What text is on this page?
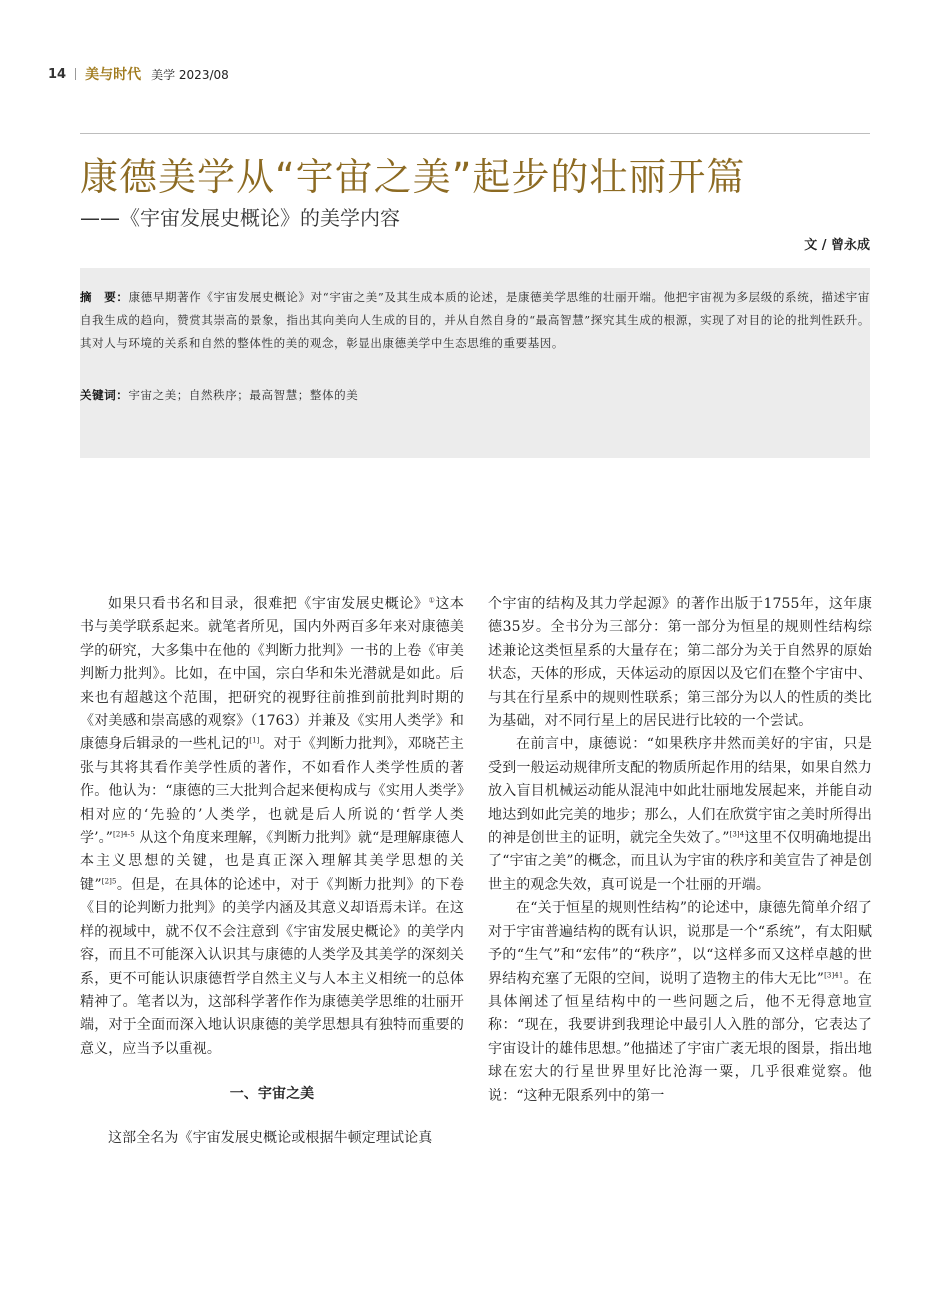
14 美与时代 美学 2023/08
康德美学从“宇宙之美”起步的壮丽开篇
——《宇宙发展史概论》的美学内容
文 / 曾永成
摘　要：康德早期著作《宇宙发展史概论》对“宇宙之美”及其生成本质的论述，是康德美学思维的壮丽开端。他把宇宙视为多层级的系统，描述宇宙自我生成的趋向，赞赏其崇高的景象，指出其向美向人生成的目的，并从自然自身的“最高智慧”探究其生成的根源，实现了对目的论的批判性跃升。其对人与环境的关系和自然的整体性的美的观念，彰显出康德美学中生态思维的重要基因。
关键词：宇宙之美；自然秩序；最高智慧；整体的美

如果只看书名和目录，很难把《宇宙发展史概论》①这本书与美学联系起来。就笔者所见，国内外两百多年来对康德美学的研究，大多集中在他的《判断力批判》一书的上卷《审美判断力批判》。比如，在中国，宗白华和朱光潜就是如此。后来也有超越这个范围，把研究的视野往前推到前批判时期的《对美感和崇高感的观察》（1763）并兼及《实用人类学》和康德身后辑录的一些札记的[1]。对于《判断力批判》，邓晓芒主张与其将其看作美学性质的著作，不如看作人类学性质的著作。他认为：“康德的三大批判合起来便构成与《实用人类学》相对应的‘先验的’人类学，也就是后人所说的‘哲学人类学’。”$^{[2]4-5}$ 从这个角度来理解，《判断力批判》就“是理解康德人本主义思想的关键，也是真正深入理解其美学思想的关键”$^{[2]5}$。但是，在具体的论述中，对于《判断力批判》的下卷《目的论判断力批判》的美学内涵及其意义却语焉未详。在这样的视域中，就不仅不会注意到《宇宙发展史概论》的美学内容，而且不可能深入认识其与康德的人类学及其美学的深刻关系，更不可能认识康德哲学自然主义与人本主义相统一的总体精神了。笔者以为，这部科学著作作为康德美学思维的壮丽开端，对于全面而深入地认识康德的美学思想具有独特而重要的意义，应当予以重视。

一、宇宙之美

这部全名为《宇宙发展史概论或根据牛顿定理试论真

个宇宙的结构及其力学起源》的著作出版于1755年，这年康德35岁。全书分为三部分：第一部分为恒星的规则性结构综述兼论这类恒星系的大量存在；第二部分为关于自然界的原始状态，天体的形成，天体运动的原因以及它们在整个宇宙中、与其在行星系中的规则性联系；第三部分为以人的性质的类比为基础，对不同行星上的居民进行比较的一个尝试。

在前言中，康德说：“如果秩序井然而美好的宇宙，只是受到一般运动规律所支配的物质所起作用的结果，如果自然力放入盲目机械运动能从混沌中如此壮丽地发展起来，并能自动地达到如此完美的地步；那么，人们在欣赏宇宙之美时所得出的神是创世主的证明，就完全失效了。”$^{[3]4}$这里不仅明确地提出了“宇宙之美”的概念，而且认为宇宙的秩序和美宣告了神是创世主的观念失效，真可说是一个壮丽的开端。

在“关于恒星的规则性结构”的论述中，康德先简单介绍了对于宇宙普遍结构的既有认识，说那是一个“系统”，有太阳赋予的“生气”和“宏伟”的“秩序”，以“这样多而又这样卓越的世界结构充塞了无限的空间，说明了造物主的伟大无比”$^{[3]41}$。在具体阐述了恒星结构中的一些问题之后，他不无得意地宣称：“现在，我要讲到我理论中最引人入胜的部分，它表达了宇宙设计的雄伟思想。”他描述了宇宙广袤无垠的图景，指出地球在宏大的行星世界里好比沧海一粟，几乎很难觉察。他说：“这种无限系列中的第一
